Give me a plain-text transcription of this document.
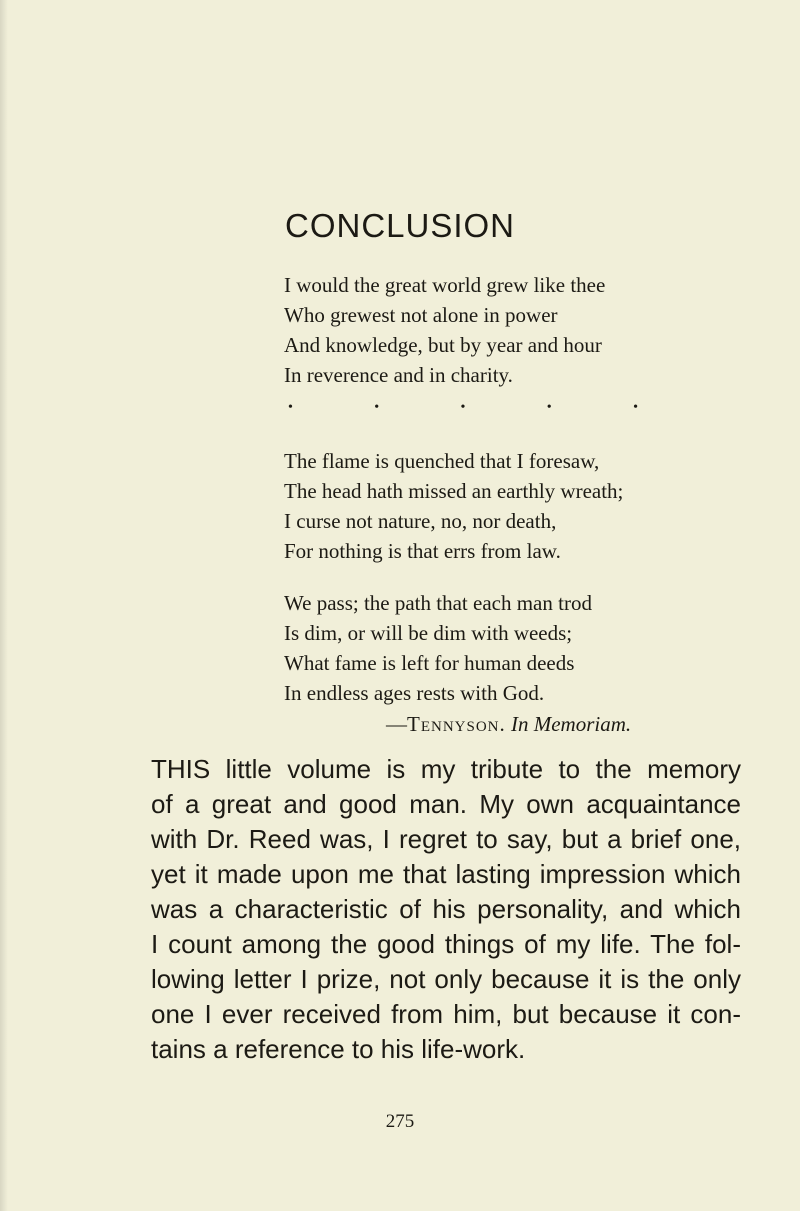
CONCLUSION
I would the great world grew like thee
Who grewest not alone in power
And knowledge, but by year and hour
In reverence and in charity.
•	•	•	•	•
The flame is quenched that I foresaw,
The head hath missed an earthly wreath;
I curse not nature, no, nor death,
For nothing is that errs from law.
We pass; the path that each man trod
Is dim, or will be dim with weeds;
What fame is left for human deeds
In endless ages rests with God.
—Tennyson. In Memoriam.
THIS little volume is my tribute to the memory
of a great and good man. My own acquaintance
with Dr. Reed was, I regret to say, but a brief one,
yet it made upon me that lasting impression which
was a characteristic of his personality, and which
I count among the good things of my life. The fol-
lowing letter I prize, not only because it is the only
one I ever received from him, but because it con-
tains a reference to his life-work.
275
